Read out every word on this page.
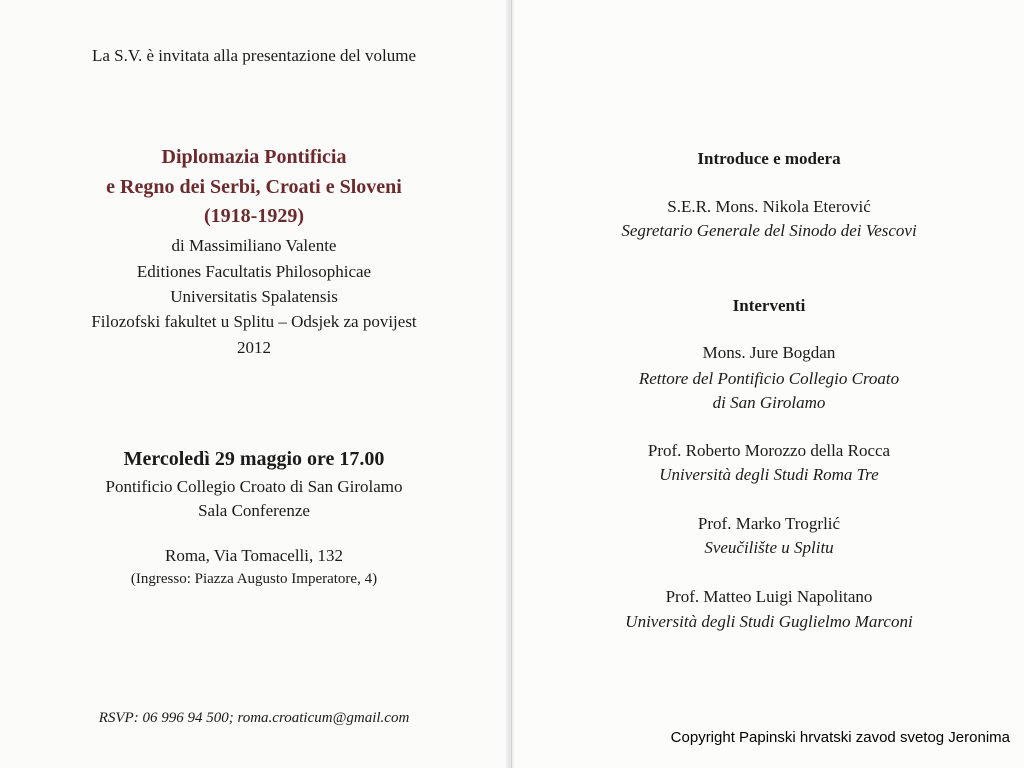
La S.V. è invitata alla presentazione del volume
Diplomazia Pontificia
e Regno dei Serbi, Croati e Sloveni
(1918-1929)
di Massimiliano Valente
Editiones Facultatis Philosophicae
Universitatis Spalatensis
Filozofski fakultet u Splitu – Odsjek za povijest
2012
Mercoledì 29 maggio ore 17.00
Pontificio Collegio Croato di San Girolamo
Sala Conferenze
Roma, Via Tomacelli, 132
(Ingresso: Piazza Augusto Imperatore, 4)
RSVP: 06 996 94 500; roma.croaticum@gmail.com
Introduce e modera
S.E.R. Mons. Nikola Eterović
Segretario Generale del Sinodo dei Vescovi
Interventi
Mons. Jure Bogdan
Rettore del Pontificio Collegio Croato
di San Girolamo
Prof. Roberto Morozzo della Rocca
Università degli Studi Roma Tre
Prof. Marko Trogrlić
Sveučilište u Splitu
Prof. Matteo Luigi Napolitano
Università degli Studi Guglielmo Marconi
Copyright Papinski hrvatski zavod svetog Jeronima
